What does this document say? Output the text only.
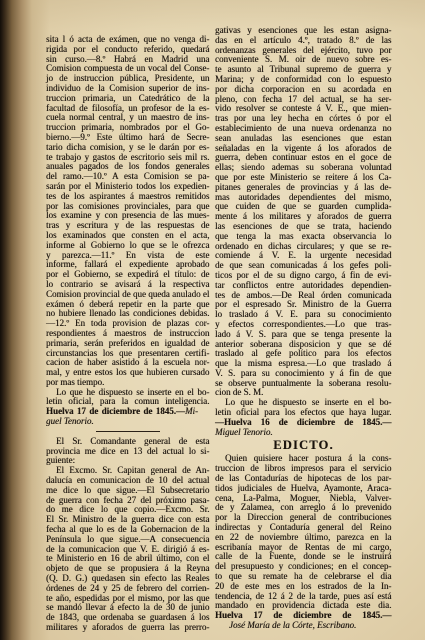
sita l ó acta de exámen, que no venga di-
rigida por el conducto referido, quedará
sin curso.—8.º Habrá en Madrid una
Comision compuesta de un vocal del Conse-
jo de instruccion pública, Presidente, un
individuo de la Comision superior de ins-
truccion primaria, un Catedrático de la
facultad de filosofía, un profesor de la es-
cuela normal central, y un maestro de ins-
truccion primaria, nombrados por el Go-
bierno.—9.º Este último hará de Secre-
tario dicha comision, y se le darán por es-
te trabajo y gastos de escritorio seis mil rs.
anuales pagados de los fondos generales
del ramo.—10.º A esta Comision se pa-
sarán por el Ministerio todos los expedien-
tes de los aspirantes á maestros remitidos
por las comisiones provinciales, para que
los examine y con presencia de las mues-
tras y escritura y de las respuestas de
los examinados que consten en el acta,
informe al Gobierno lo que se le ofrezca
y parezca.—11.º En vista de este
informe, fallará el expediente aprobado
por el Gobierno, se expedirá el título: de
lo contrario se avisará á la respectiva
Comision provincial de que queda anulado el
exámen ó deberá repetir en la parte que
no hubiere llenado las condiciones debidas.
—12.º En toda provision de plazas cor-
respondientes á maestros de instruccion
primaria, serán preferidos en igualdad de
circunstancias los que presentaren certifi-
cacion de haber asistido á la escuela nor-
mal, y entre estos los que hubieren cursado
por mas tiempo.
Lo que he dispuesto se inserte en el bo-
letin oficial, para la comun inteligencia.
Huelva 17 de diciembre de 1845.—Mi-
guel Tenorio.
El Sr. Comandante general de esta
provincia me dice en 13 del actual lo si-
guiente:
El Excmo. Sr. Capitan general de An-
dalucía en comunicacion de 10 del actual
me dice lo que sigue.—El Subsecretario
de guerra con fecha 27 del próximo pasa-
do me dice lo que copio.—Excmo. Sr.
El Sr. Ministro de la guerra dice con esta
fecha al que lo es de la Gobernacion de la
Península lo que sigue.—A consecuencia
de la comunicacion que V. E. dirigió á es-
te Ministerio en 16 de abril último, con el
objeto de que se propusiera á la Reyna
(Q. D. G.) quedasen sin efecto las Reales
órdenes de 24 y 25 de febrero del corrien-
te año, espedidas por el mismo, por las que
se mandó llevar á efecto la de 30 de junio
de 1843, que ordenaba se guardasen á los
militares y aforados de guerra las prerro-
gativas y esenciones que les estan asigna-
das en el artículo 4.º, tratado 8.º de las
ordenanzas generales del ejército, tuvo por
conveniente S. M. oir de nuevo sobre es-
te asunto al Tribunal supremo de guerra y
Marina; y de conformidad con lo espuesto
por dicha corporacion en su acordada en
pleno, con fecha 17 del actual, se ha ser-
vido resolver se conteste á V. E., que mien-
tras por una ley hecha en córtes ó por el
establecimiento de una nueva ordenanza no
sean anuladas las esenciones que estan
señaladas en la vigente á los aforados de
guerra, deben continuar estos en el goce de
ellas; siendo ademas su soberana voluntad
que por este Ministerio se reitere á los Ca-
pitanes generales de provincias y á las de-
mas autoridades dependientes del mismo,
que cuiden de que se guarden cumplida-
mente á los militares y aforados de guerra
las esenciones de que se trata, haciendo
que tenga la mas exacta observancia lo
ordenado en dichas circulares; y que se re-
comiende á V. E. la urgente necesidad
de que sean comunicadas á los gefes poli-
ticos por el de su digno cargo, á fin de evi-
tar conflictos entre autoridades dependien-
tes de ambos.—De Real órden comunicada
por el espresado Sr. Ministro de la Guerra
lo traslado á V. E. para su conocimiento
y efectos correspondientes.—Lo que tras-
lado á V. S. para que se tenga presente la
anterior soberana disposicion y que se dé
traslado al gefe político para los efectos
que la misma espresa.—Lo que traslado á
V. S. para su conocimiento y á fin de que
se observe puntualmente la soberana resolu-
cion de S. M.
Lo que he dispuesto se inserte en el bo-
letin oficial para los efectos que haya lugar.
—Huelva 16 de diciembre de 1845.—
Miguel Tenorio.
EDICTO.
Quien quisiere hacer postura á la cons-
truccion de libros impresos para el servicio
de las Contadurías de hipotecas de los par-
tidos judiciales de Huelva, Ayamonte, Araca-
cena, La-Palma, Moguer, Niebla, Valver-
de y Zalamea, con arreglo á lo prevenido
por la Direccion general de contribuciones
indirectas y Contaduría general del Reino
en 22 de noviembre último, parezca en la
escribanía mayor de Rentas de mi cargo,
calle de la Fuente, donde se le instruirá
del presupuesto y condiciones; en el concep-
to que su remate ha de celebrarse el dia
20 de este mes en los estrados de la In-
tendencia, de 12 á 2 de la tarde, pues así está
mandado en providencia dictada este dia.
Huelva 17 de diciembre de 1845.—
José María de la Córte, Escribano.
